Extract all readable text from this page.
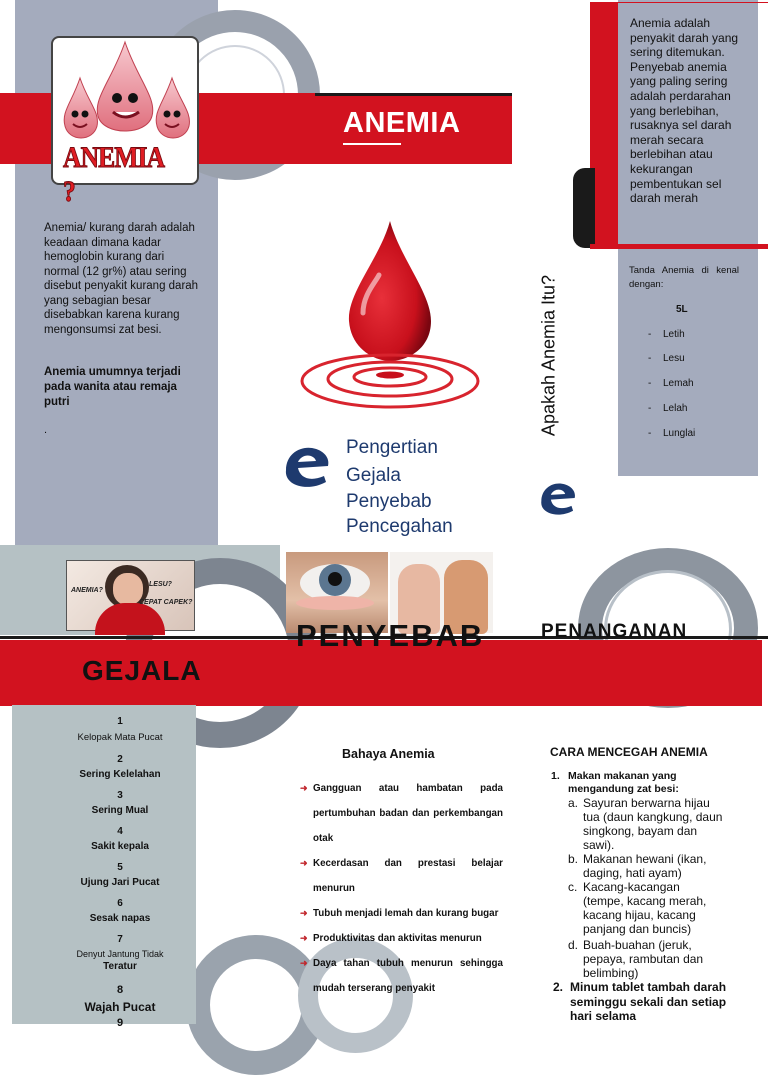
ANEMIA
ANEMIA ?
Anemia/ kurang darah adalah keadaan dimana kadar hemoglobin kurang dari normal (12 gr%) atau sering disebut penyakit kurang darah yang sebagian besar disebabkan karena kurang mengonsumsi zat besi.
Anemia umumnya terjadi pada wanita atau remaja putri
.
Pengertian
Gejala
Penyebab
Pencegahan
Apakah Anemia Itu?
Anemia adalah penyakit darah yang sering ditemukan. Penyebab anemia yang paling sering adalah perdarahan yang berlebihan, rusaknya sel darah merah secara berlebihan atau kekurangan pembentukan sel darah merah
Tanda Anemia di kenal dengan:
5L
- Letih
- Lesu
- Lemah
- Lelah
- Lunglai
ANEMIA?
LESU?
CEPAT CAPEK?
GEJALA
PENYEBAB	PENANGANAN
1
Kelopak Mata Pucat
2
Sering Kelelahan
3
Sering Mual
4
Sakit kepala
5
Ujung Jari Pucat
6
Sesak napas
7
Denyut Jantung Tidak
Teratur
8
Wajah Pucat
9
Bahaya Anemia
➜ Gangguan atau hambatan pada pertumbuhan badan dan perkembangan otak
➜ Kecerdasan dan prestasi belajar menurun
➜ Tubuh menjadi lemah dan kurang bugar
➜ Produktivitas dan aktivitas menurun
➜ Daya tahan tubuh menurun sehingga mudah terserang penyakit
CARA MENCEGAH ANEMIA
1. Makan makanan yang mengandung zat besi:
a. Sayuran berwarna hijau tua (daun kangkung, daun singkong, bayam dan sawi).
b. Makanan hewani (ikan, daging, hati ayam)
c. Kacang-kacangan (tempe, kacang merah, kacang hijau, kacang panjang dan buncis)
d. Buah-buahan (jeruk, pepaya, rambutan dan belimbing)
2. Minum tablet tambah darah seminggu sekali dan setiap hari selama
